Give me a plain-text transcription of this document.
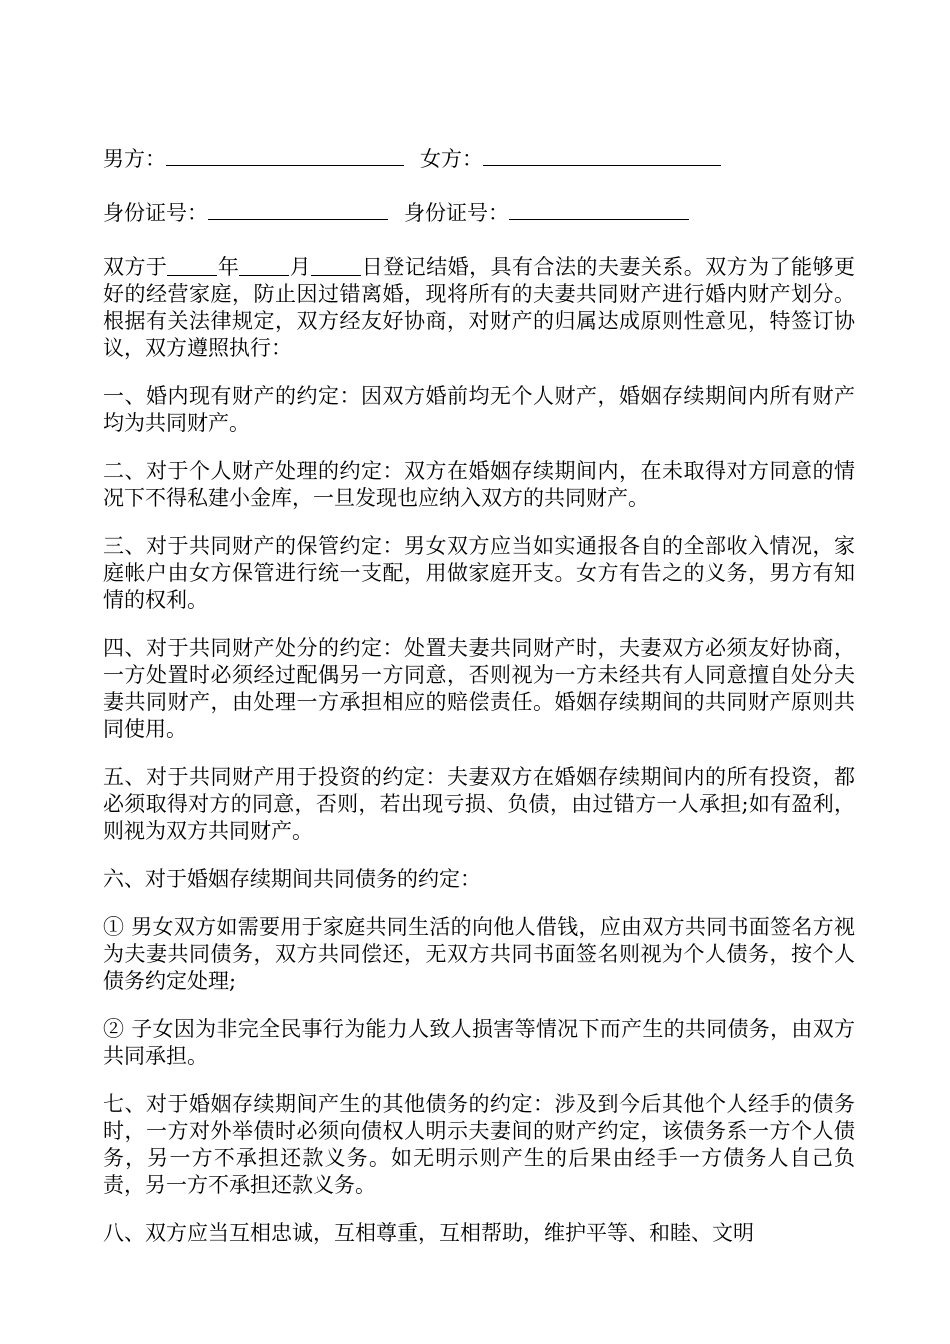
男方：	女方：
身份证号：	身份证号：

双方于 年 月 日登记结婚，具有合法的夫妻关系。双方为了能够更好的经营家庭，防止因过错离婚，现将所有的夫妻共同财产进行婚内财产划分。根据有关法律规定，双方经友好协商，对财产的归属达成原则性意见，特签订协议，双方遵照执行：

一、婚内现有财产的约定：因双方婚前均无个人财产，婚姻存续期间内所有财产均为共同财产。

二、对于个人财产处理的约定：双方在婚姻存续期间内，在未取得对方同意的情况下不得私建小金库，一旦发现也应纳入双方的共同财产。

三、对于共同财产的保管约定：男女双方应当如实通报各自的全部收入情况，家庭帐户由女方保管进行统一支配，用做家庭开支。女方有告之的义务，男方有知情的权利。

四、对于共同财产处分的约定：处置夫妻共同财产时，夫妻双方必须友好协商，一方处置时必须经过配偶另一方同意，否则视为一方未经共有人同意擅自处分夫妻共同财产，由处理一方承担相应的赔偿责任。婚姻存续期间的共同财产原则共同使用。

五、对于共同财产用于投资的约定：夫妻双方在婚姻存续期间内的所有投资，都必须取得对方的同意，否则，若出现亏损、负债，由过错方一人承担;如有盈利，则视为双方共同财产。

六、对于婚姻存续期间共同债务的约定：

① 男女双方如需要用于家庭共同生活的向他人借钱，应由双方共同书面签名方视为夫妻共同债务，双方共同偿还，无双方共同书面签名则视为个人债务，按个人债务约定处理;

② 子女因为非完全民事行为能力人致人损害等情况下而产生的共同债务，由双方共同承担。

七、对于婚姻存续期间产生的其他债务的约定：涉及到今后其他个人经手的债务时，一方对外举债时必须向债权人明示夫妻间的财产约定，该债务系一方个人债务，另一方不承担还款义务。如无明示则产生的后果由经手一方债务人自己负责，另一方不承担还款义务。

八、双方应当互相忠诚，互相尊重，互相帮助，维护平等、和睦、文明
